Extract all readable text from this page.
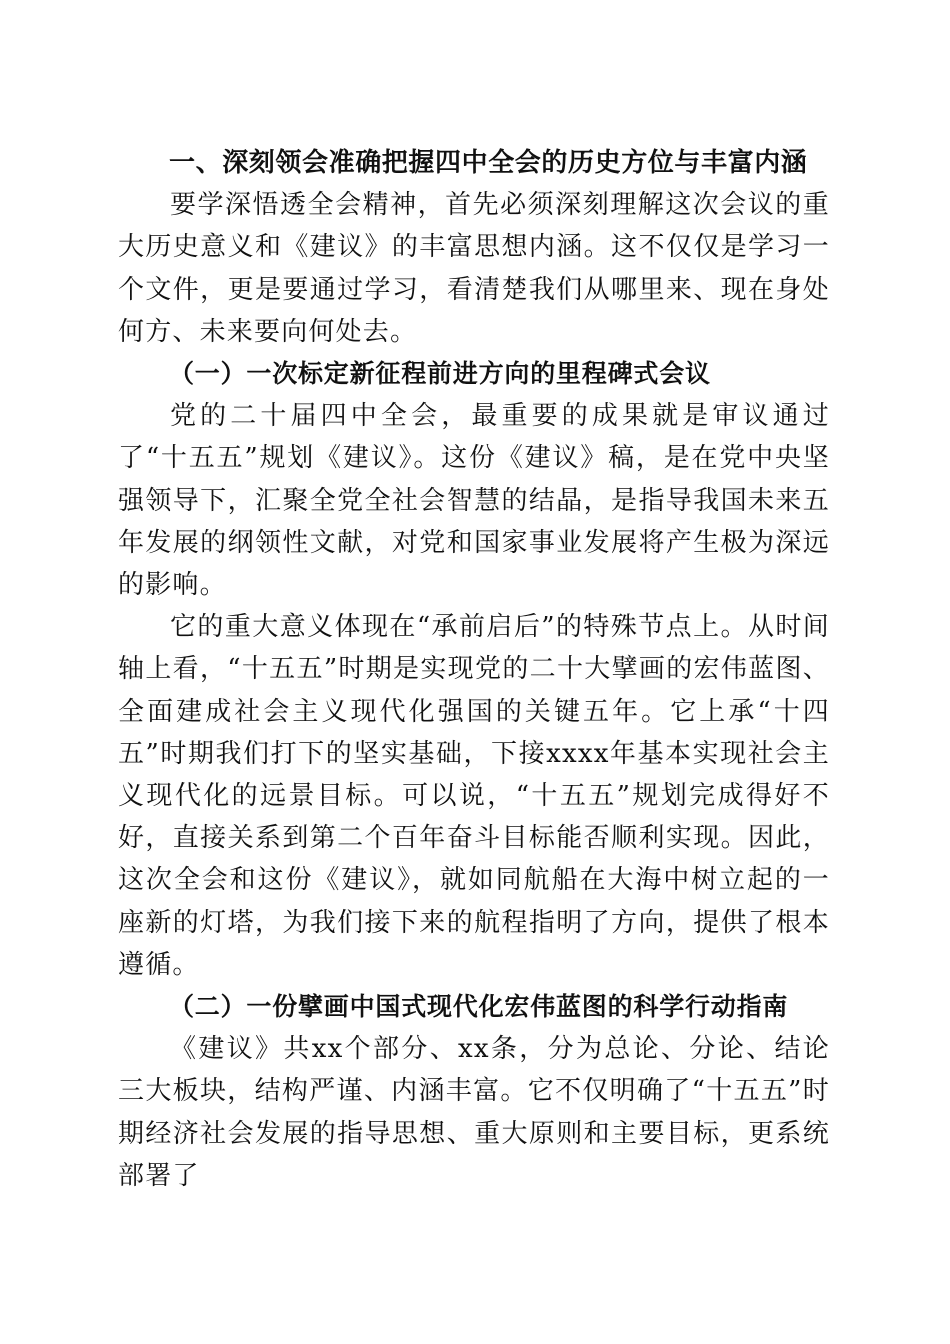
一、深刻领会准确把握四中全会的历史方位与丰富内涵

要学深悟透全会精神，首先必须深刻理解这次会议的重大历史意义和《建议》的丰富思想内涵。这不仅仅是学习一个文件，更是要通过学习，看清楚我们从哪里来、现在身处何方、未来要向何处去。

（一）一次标定新征程前进方向的里程碑式会议

党的二十届四中全会，最重要的成果就是审议通过了“十五五”规划《建议》。这份《建议》稿，是在党中央坚强领导下，汇聚全党全社会智慧的结晶，是指导我国未来五年发展的纲领性文献，对党和国家事业发展将产生极为深远的影响。

它的重大意义体现在“承前启后”的特殊节点上。从时间轴上看，“十五五”时期是实现党的二十大擘画的宏伟蓝图、全面建成社会主义现代化强国的关键五年。它上承“十四五”时期我们打下的坚实基础，下接xxxx年基本实现社会主义现代化的远景目标。可以说，“十五五”规划完成得好不好，直接关系到第二个百年奋斗目标能否顺利实现。因此，这次全会和这份《建议》，就如同航船在大海中树立起的一座新的灯塔，为我们接下来的航程指明了方向，提供了根本遵循。

（二）一份擘画中国式现代化宏伟蓝图的科学行动指南

《建议》共xx个部分、xx条，分为总论、分论、结论三大板块，结构严谨、内涵丰富。它不仅明确了“十五五”时期经济社会发展的指导思想、重大原则和主要目标，更系统部署了
